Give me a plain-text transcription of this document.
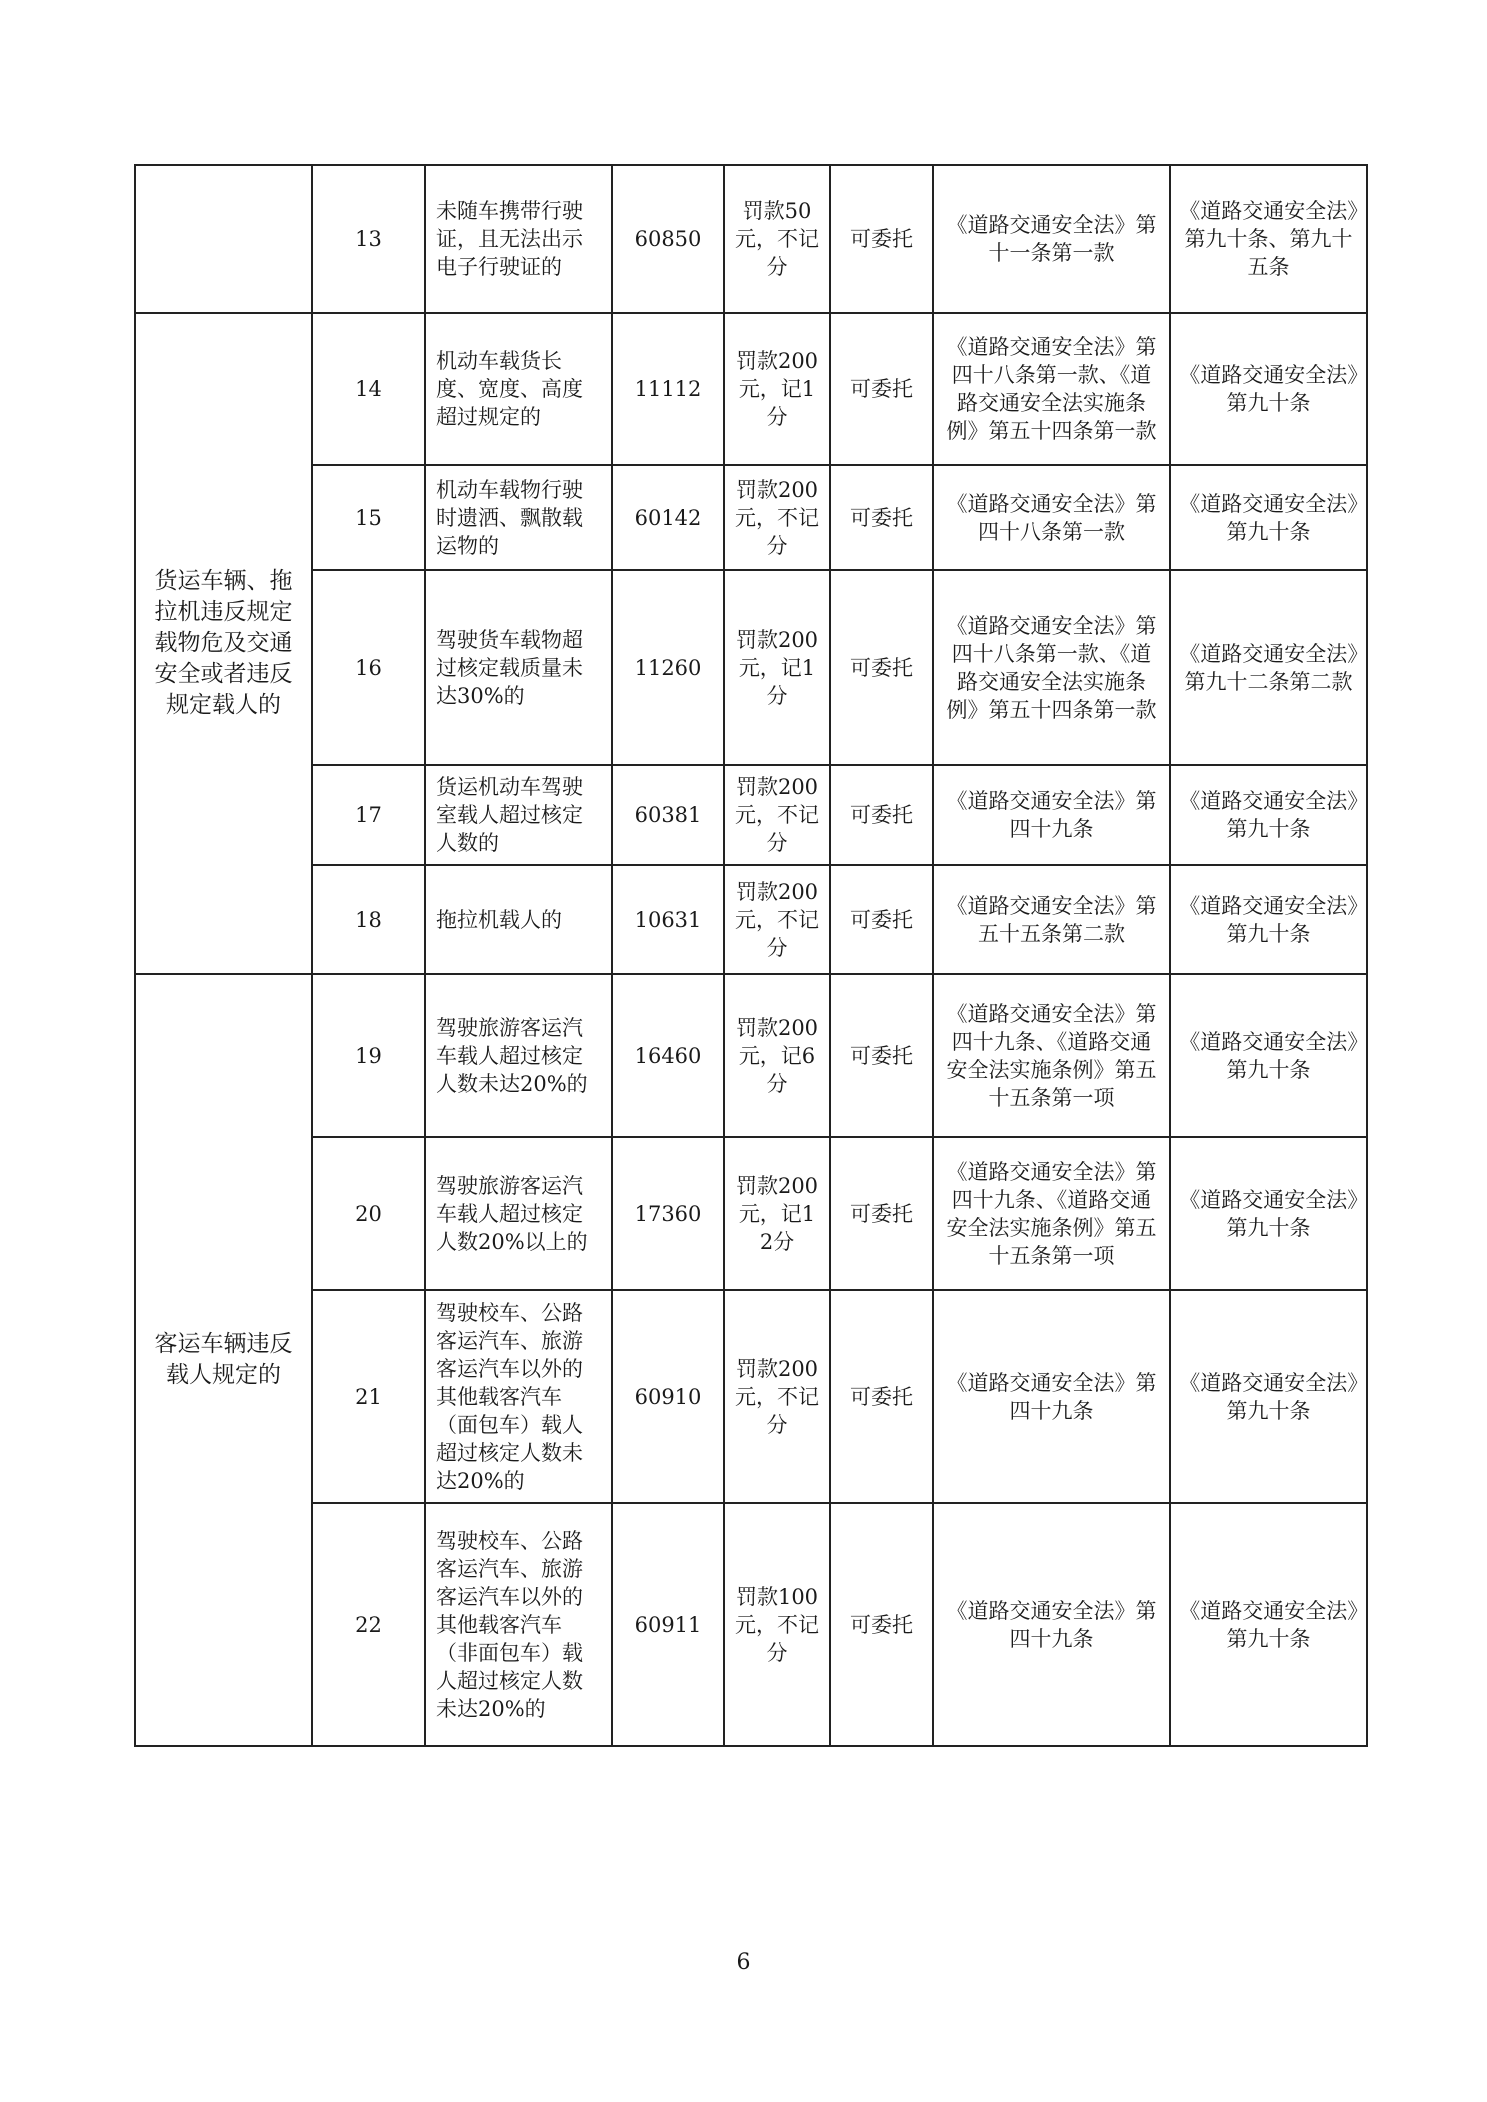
	13	未随车携带行驶证，且无法出示电子行驶证的	60850	罚款50元，不记分	可委托	《道路交通安全法》第十一条第一款	《道路交通安全法》第九十条、第九十五条
货运车辆、拖拉机违反规定载物危及交通安全或者违反规定载人的	14	机动车载货长度、宽度、高度超过规定的	11112	罚款200元，记1分	可委托	《道路交通安全法》第四十八条第一款、《道路交通安全法实施条例》第五十四条第一款	《道路交通安全法》第九十条
	15	机动车载物行驶时遗洒、飘散载运物的	60142	罚款200元，不记分	可委托	《道路交通安全法》第四十八条第一款	《道路交通安全法》第九十条
	16	驾驶货车载物超过核定载质量未达30%的	11260	罚款200元，记1分	可委托	《道路交通安全法》第四十八条第一款、《道路交通安全法实施条例》第五十四条第一款	《道路交通安全法》第九十二条第二款
	17	货运机动车驾驶室载人超过核定人数的	60381	罚款200元，不记分	可委托	《道路交通安全法》第四十九条	《道路交通安全法》第九十条
	18	拖拉机载人的	10631	罚款200元，不记分	可委托	《道路交通安全法》第五十五条第二款	《道路交通安全法》第九十条
客运车辆违反载人规定的	19	驾驶旅游客运汽车载人超过核定人数未达20%的	16460	罚款200元，记6分	可委托	《道路交通安全法》第四十九条、《道路交通安全法实施条例》第五十五条第一项	《道路交通安全法》第九十条
	20	驾驶旅游客运汽车载人超过核定人数20%以上的	17360	罚款200元，记12分	可委托	《道路交通安全法》第四十九条、《道路交通安全法实施条例》第五十五条第一项	《道路交通安全法》第九十条
	21	驾驶校车、公路客运汽车、旅游客运汽车以外的其他载客汽车（面包车）载人超过核定人数未达20%的	60910	罚款200元，不记分	可委托	《道路交通安全法》第四十九条	《道路交通安全法》第九十条
	22	驾驶校车、公路客运汽车、旅游客运汽车以外的其他载客汽车（非面包车）载人超过核定人数未达20%的	60911	罚款100元，不记分	可委托	《道路交通安全法》第四十九条	《道路交通安全法》第九十条
6
